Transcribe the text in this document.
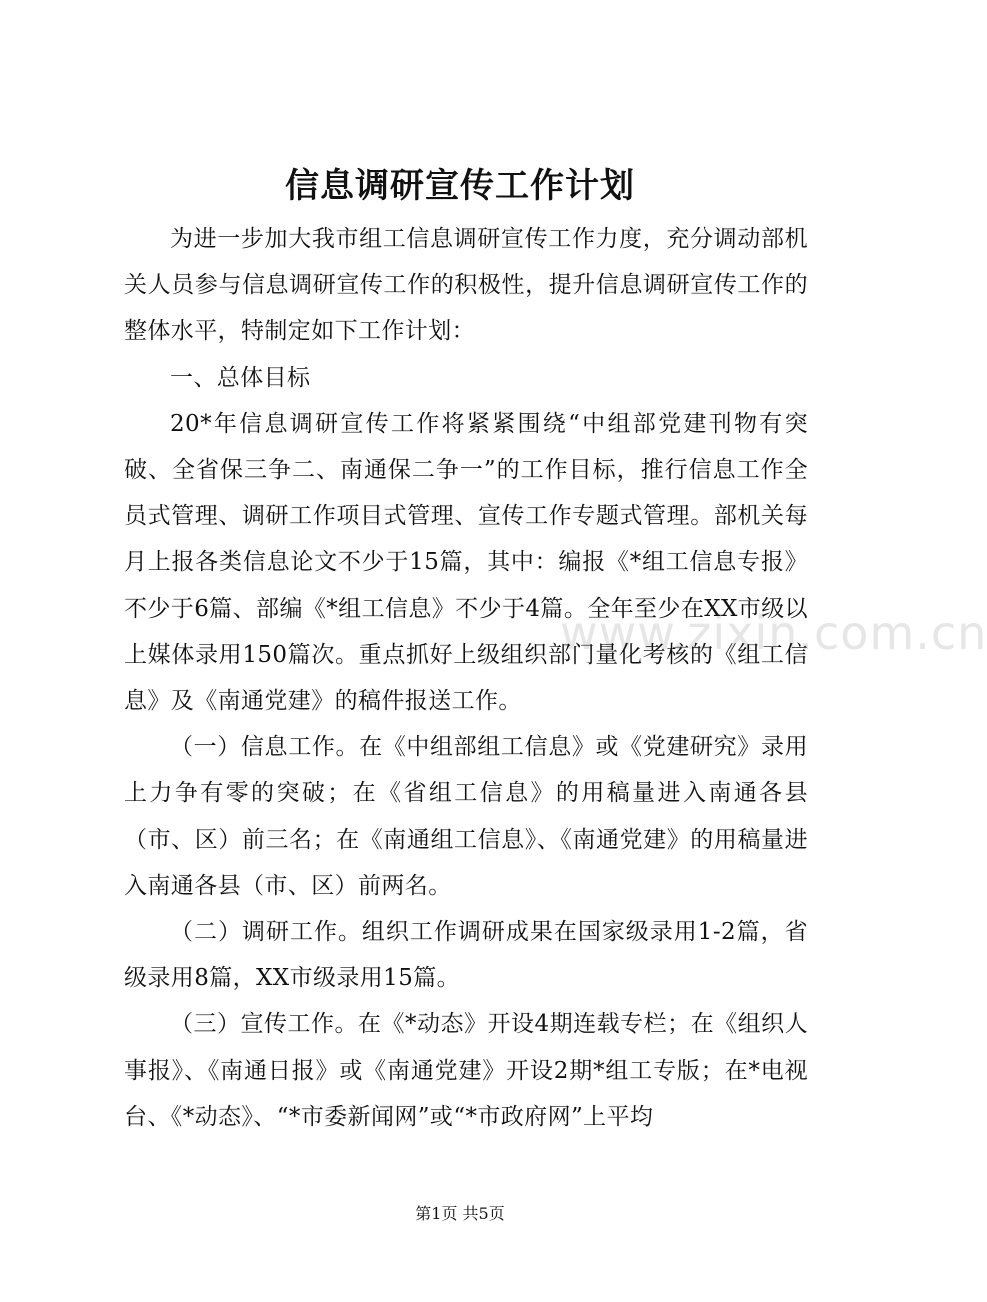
www.zixin.com.cn
信息调研宣传工作计划

为进一步加大我市组工信息调研宣传工作力度，充分调动部机关人员参与信息调研宣传工作的积极性，提升信息调研宣传工作的整体水平，特制定如下工作计划：

一、总体目标

20*年信息调研宣传工作将紧紧围绕“中组部党建刊物有突破、全省保三争二、南通保二争一”的工作目标，推行信息工作全员式管理、调研工作项目式管理、宣传工作专题式管理。部机关每月上报各类信息论文不少于15篇，其中：编报《*组工信息专报》不少于6篇、部编《*组工信息》不少于4篇。全年至少在XX市级以上媒体录用150篇次。重点抓好上级组织部门量化考核的《组工信息》及《南通党建》的稿件报送工作。

（一）信息工作。在《中组部组工信息》或《党建研究》录用上力争有零的突破；在《省组工信息》的用稿量进入南通各县（市、区）前三名；在《南通组工信息》、《南通党建》的用稿量进入南通各县（市、区）前两名。

（二）调研工作。组织工作调研成果在国家级录用1-2篇，省级录用8篇，XX市级录用15篇。

（三）宣传工作。在《*动态》开设4期连载专栏；在《组织人事报》、《南通日报》或《南通党建》开设2期*组工专版；在*电视台、《*动态》、“*市委新闻网”或“*市政府网”上平均

第1页 共5页
